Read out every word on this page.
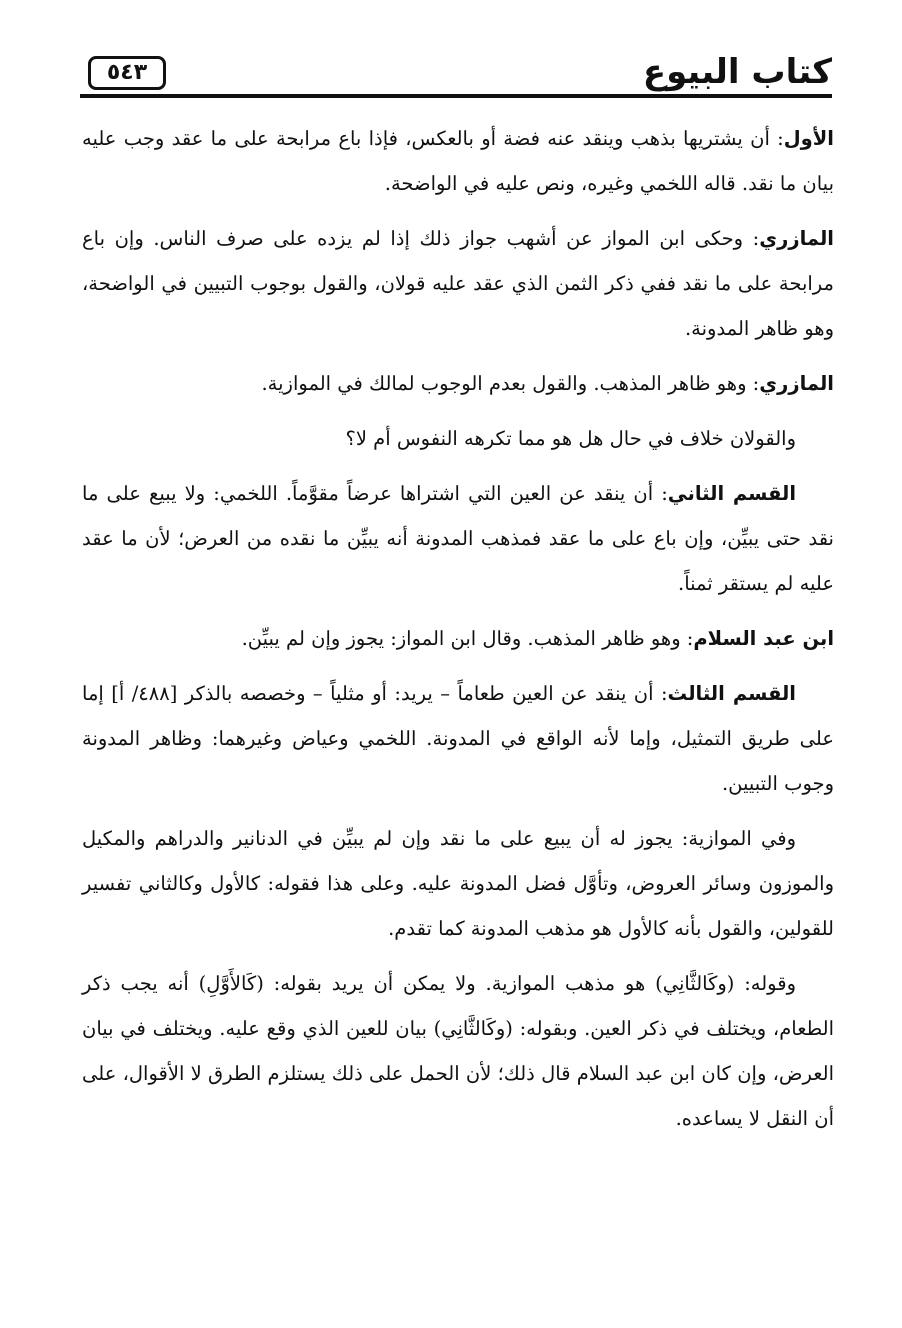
كتاب البيوع
٥٤٣

الأول: أن يشتريها بذهب وينقد عنه فضة أو بالعكس، فإذا باع مرابحة على ما عقد وجب عليه بيان ما نقد. قاله اللخمي وغيره، ونص عليه في الواضحة.

المازري: وحكى ابن المواز عن أشهب جواز ذلك إذا لم يزده على صرف الناس. وإن باع مرابحة على ما نقد ففي ذكر الثمن الذي عقد عليه قولان، والقول بوجوب التبيين في الواضحة، وهو ظاهر المدونة.

المازري: وهو ظاهر المذهب. والقول بعدم الوجوب لمالك في الموازية.

والقولان خلاف في حال هل هو مما تكرهه النفوس أم لا؟

القسم الثاني: أن ينقد عن العين التي اشتراها عرضاً مقوَّماً. اللخمي: ولا يبيع على ما نقد حتى يبيِّن، وإن باع على ما عقد فمذهب المدونة أنه يبيِّن ما نقده من العرض؛ لأن ما عقد عليه لم يستقر ثمناً.

ابن عبد السلام: وهو ظاهر المذهب. وقال ابن المواز: يجوز وإن لم يبيِّن.

القسم الثالث: أن ينقد عن العين طعاماً – يريد: أو مثلياً – وخصصه بالذكر [٤٨٨/ أ] إما على طريق التمثيل، وإما لأنه الواقع في المدونة. اللخمي وعياض وغيرهما: وظاهر المدونة وجوب التبيين.

وفي الموازية: يجوز له أن يبيع على ما نقد وإن لم يبيِّن في الدنانير والدراهم والمكيل والموزون وسائر العروض، وتأوَّل فضل المدونة عليه. وعلى هذا فقوله: كالأول وكالثاني تفسير للقولين، والقول بأنه كالأول هو مذهب المدونة كما تقدم.

وقوله: (وكَالثَّانِي) هو مذهب الموازية. ولا يمكن أن يريد بقوله: (كَالأَوَّلِ) أنه يجب ذكر الطعام، ويختلف في ذكر العين. وبقوله: (وكَالثَّانِي) بيان للعين الذي وقع عليه. ويختلف في بيان العرض، وإن كان ابن عبد السلام قال ذلك؛ لأن الحمل على ذلك يستلزم الطرق لا الأقوال، على أن النقل لا يساعده.
